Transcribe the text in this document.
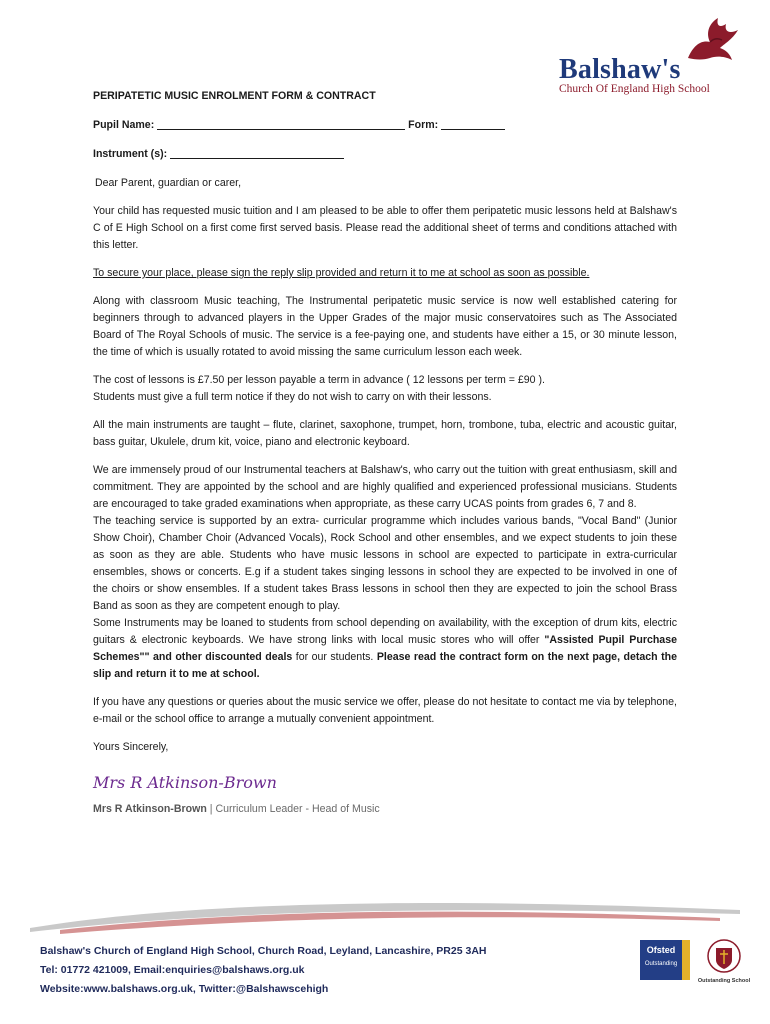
Balshaw's
Church Of England High School
PERIPATETIC MUSIC ENROLMENT FORM & CONTRACT
Pupil Name:	Form:
Instrument (s):

Dear Parent, guardian or carer,

Your child has requested music tuition and I am pleased to be able to offer them peripatetic music lessons held at Balshaw's C of E High School on a first come first served basis. Please read the additional sheet of terms and conditions attached with this letter.

To secure your place, please sign the reply slip provided and return it to me at school as soon as possible.

Along with classroom Music teaching, The Instrumental peripatetic music service is now well established catering for beginners through to advanced players in the Upper Grades of the major music conservatoires such as The Associated Board of The Royal Schools of music. The service is a fee-paying one, and students have either a 15, or 30 minute lesson, the time of which is usually rotated to avoid missing the same curriculum lesson each week.

The cost of lessons is £7.50 per lesson payable a term in advance ( 12 lessons per term = £90 ).

Students must give a full term notice if they do not wish to carry on with their lessons.

All the main instruments are taught – flute, clarinet, saxophone, trumpet, horn, trombone, tuba, electric and acoustic guitar, bass guitar, Ukulele, drum kit, voice, piano and electronic keyboard.

We are immensely proud of our Instrumental teachers at Balshaw's, who carry out the tuition with great enthusiasm, skill and commitment. They are appointed by the school and are highly qualified and experienced professional musicians. Students are encouraged to take graded examinations when appropriate, as these carry UCAS points from grades 6, 7 and 8.

The teaching service is supported by an extra- curricular programme which includes various bands, "Vocal Band" (Junior Show Choir), Chamber Choir (Advanced Vocals), Rock School and other ensembles, and we expect students to join these as soon as they are able. Students who have music lessons in school are expected to participate in extra-curricular ensembles, shows or concerts. E.g if a student takes singing lessons in school they are expected to be involved in one of the choirs or show ensembles. If a student takes Brass lessons in school then they are expected to join the school Brass Band as soon as they are competent enough to play.

Some Instruments may be loaned to students from school depending on availability, with the exception of drum kits, electric guitars & electronic keyboards. We have strong links with local music stores who will offer "Assisted Pupil Purchase Schemes"" and other discounted deals for our students. Please read the contract form on the next page, detach the slip and return it to me at school.

If you have any questions or queries about the music service we offer, please do not hesitate to contact me via by telephone, e-mail or the school office to arrange a mutually convenient appointment.

Yours Sincerely,

Mrs R Atkinson-Brown

Mrs R Atkinson-Brown | Curriculum Leader - Head of Music

Balshaw's Church of England High School, Church Road, Leyland, Lancashire, PR25 3AH
Tel: 01772 421009, Email:enquiries@balshaws.org.uk
Website:www.balshaws.org.uk, Twitter:@Balshawscehigh
Ofsted
Outstanding
Outstanding School
